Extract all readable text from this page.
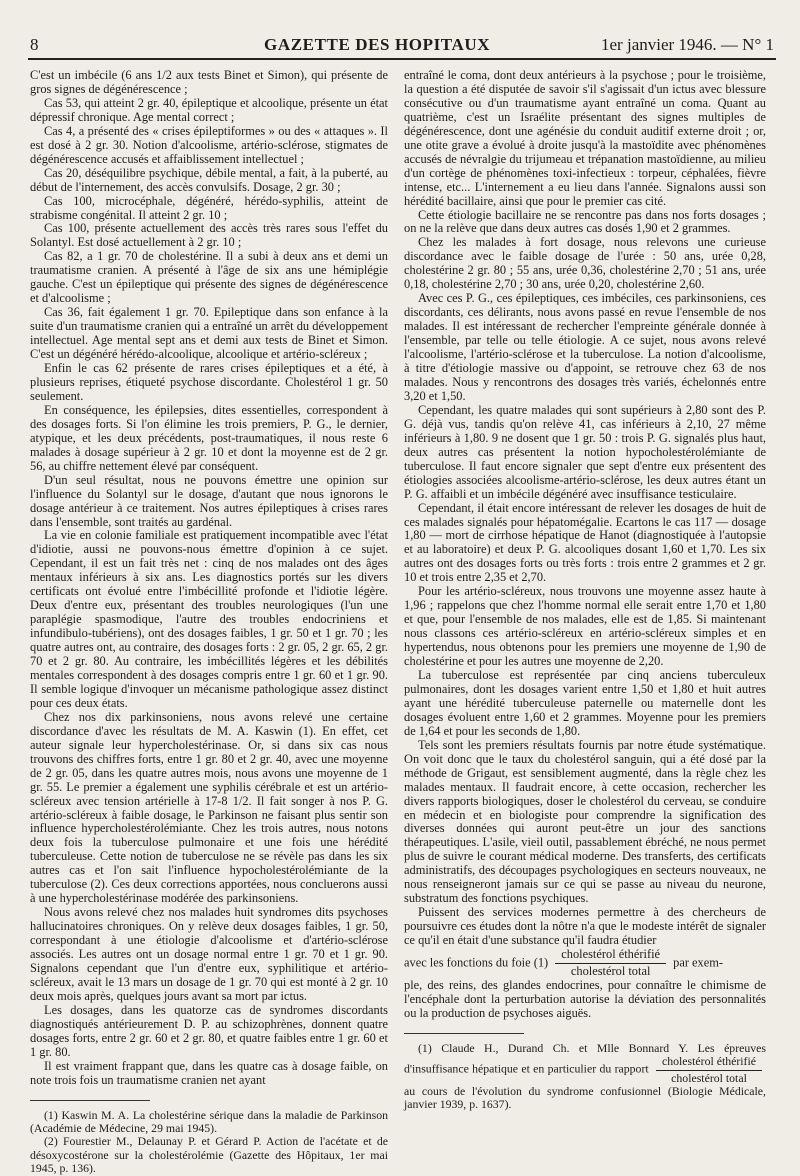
8	GAZETTE DES HOPITAUX	1er janvier 1946. — N° 1

C'est un imbécile (6 ans 1/2 aux tests Binet et Simon), qui présente de gros signes de dégénérescence ;

Cas 53, qui atteint 2 gr. 40, épileptique et alcoolique, présente un état dépressif chronique. Age mental correct ;

Cas 4, a présenté des « crises épileptiformes » ou des « attaques ». Il est dosé à 2 gr. 30. Notion d'alcoolisme, artério-sclérose, stigmates de dégénérescence accusés et affaiblissement intellectuel ;

Cas 20, déséquilibre psychique, débile mental, a fait, à la puberté, au début de l'internement, des accès convulsifs. Dosage, 2 gr. 30 ;

Cas 100, microcéphale, dégénéré, hérédo-syphilis, atteint de strabisme congénital. Il atteint 2 gr. 10 ;

Cas 100, présente actuellement des accès très rares sous l'effet du Solantyl. Est dosé actuellement à 2 gr. 10 ;

Cas 82, a 1 gr. 70 de cholestérine. Il a subi à deux ans et demi un traumatisme cranien. A présenté à l'âge de six ans une hémiplégie gauche. C'est un épileptique qui présente des signes de dégénérescence et d'alcoolisme ;

Cas 36, fait également 1 gr. 70. Epileptique dans son enfance à la suite d'un traumatisme cranien qui a entraîné un arrêt du développement intellectuel. Age mental sept ans et demi aux tests de Binet et Simon. C'est un dégénéré hérédo-alcoolique, alcoolique et artério-scléreux ;

Enfin le cas 62 présente de rares crises épileptiques et a été, à plusieurs reprises, étiqueté psychose discordante. Cholestérol 1 gr. 50 seulement.

En conséquence, les épilepsies, dites essentielles, correspondent à des dosages forts. Si l'on élimine les trois premiers, P. G., le dernier, atypique, et les deux précédents, post-traumatiques, il nous reste 6 malades à dosage supérieur à 2 gr. 10 et dont la moyenne est de 2 gr. 56, au chiffre nettement élevé par conséquent.

D'un seul résultat, nous ne pouvons émettre une opinion sur l'influence du Solantyl sur le dosage, d'autant que nous ignorons le dosage antérieur à ce traitement. Nos autres épileptiques à crises rares dans l'ensemble, sont traités au gardénal.

La vie en colonie familiale est pratiquement incompatible avec l'état d'idiotie, aussi ne pouvons-nous émettre d'opinion à ce sujet. Cependant, il est un fait très net : cinq de nos malades ont des âges mentaux inférieurs à six ans. Les diagnostics portés sur les divers certificats ont évolué entre l'imbécillité profonde et l'idiotie légère. Deux d'entre eux, présentant des troubles neurologiques (l'un une paraplégie spasmodique, l'autre des troubles endocriniens et infundibulo-tubériens), ont des dosages faibles, 1 gr. 50 et 1 gr. 70 ; les quatre autres ont, au contraire, des dosages forts : 2 gr. 05, 2 gr. 65, 2 gr. 70 et 2 gr. 80. Au contraire, les imbécillités légères et les débilités mentales correspondent à des dosages compris entre 1 gr. 60 et 1 gr. 90. Il semble logique d'invoquer un mécanisme pathologique assez distinct pour ces deux états.

Chez nos dix parkinsoniens, nous avons relevé une certaine discordance d'avec les résultats de M. A. Kaswin (1). En effet, cet auteur signale leur hypercholestérinase. Or, si dans six cas nous trouvons des chiffres forts, entre 1 gr. 80 et 2 gr. 40, avec une moyenne de 2 gr. 05, dans les quatre autres mois, nous avons une moyenne de 1 gr. 55. Le premier a également une syphilis cérébrale et est un artério-scléreux avec tension artérielle à 17-8 1/2. Il fait songer à nos P. G. artério-scléreux à faible dosage, le Parkinson ne faisant plus sentir son influence hypercholestérolémiante. Chez les trois autres, nous notons deux fois la tuberculose pulmonaire et une fois une hérédité tuberculeuse. Cette notion de tuberculose ne se révèle pas dans les six autres cas et l'on sait l'influence hypocholestérolémiante de la tuberculose (2). Ces deux corrections apportées, nous concluerons aussi à une hypercholestérinase modérée des parkinsoniens.

Nous avons relevé chez nos malades huit syndromes dits psychoses hallucinatoires chroniques. On y relève deux dosages faibles, 1 gr. 50, correspondant à une étiologie d'alcoolisme et d'artério-sclérose associés. Les autres ont un dosage normal entre 1 gr. 70 et 1 gr. 90. Signalons cependant que l'un d'entre eux, syphilitique et artério-scléreux, avait le 13 mars un dosage de 1 gr. 70 qui est monté à 2 gr. 10 deux mois après, quelques jours avant sa mort par ictus.

Les dosages, dans les quatorze cas de syndromes discordants diagnostiqués antérieurement D. P. au schizophrènes, donnent quatre dosages forts, entre 2 gr. 60 et 2 gr. 80, et quatre faibles entre 1 gr. 60 et 1 gr. 80.

Il est vraiment frappant que, dans les quatre cas à dosage faible, on note trois fois un traumatisme cranien net ayant

(1) Kaswin M. A. La cholestérine sérique dans la maladie de Parkinson (Académie de Médecine, 29 mai 1945).

(2) Fourestier M., Delaunay P. et Gérard P. Action de l'acétate et de désoxycostérone sur la cholestérolémie (Gazette des Hôpitaux, 1er mai 1945, p. 136).

entraîné le coma, dont deux antérieurs à la psychose ; pour le troisième, la question a été disputée de savoir s'il s'agissait d'un ictus avec blessure consécutive ou d'un traumatisme ayant entraîné un coma. Quant au quatrième, c'est un Israélite présentant des signes multiples de dégénérescence, dont une agénésie du conduit auditif externe droit ; or, une otite grave a évolué à droite jusqu'à la mastoïdite avec phénomènes accusés de névralgie du trijumeau et trépanation mastoïdienne, au milieu d'un cortège de phénomènes toxi-infectieux : torpeur, céphalées, fièvre intense, etc... L'internement a eu lieu dans l'année. Signalons aussi son hérédité bacillaire, ainsi que pour le premier cas cité.

Cette étiologie bacillaire ne se rencontre pas dans nos forts dosages ; on ne la relève que dans deux autres cas dosés 1,90 et 2 grammes.

Chez les malades à fort dosage, nous relevons une curieuse discordance avec le faible dosage de l'urée : 50 ans, urée 0,28, cholestérine 2 gr. 80 ; 55 ans, urée 0,36, cholestérine 2,70 ; 51 ans, urée 0,18, cholestérine 2,70 ; 30 ans, urée 0,20, cholestérine 2,60.

Avec ces P. G., ces épileptiques, ces imbéciles, ces parkinsoniens, ces discordants, ces délirants, nous avons passé en revue l'ensemble de nos malades. Il est intéressant de rechercher l'empreinte générale donnée à l'ensemble, par telle ou telle étiologie. A ce sujet, nous avons relevé l'alcoolisme, l'artério-sclérose et la tuberculose. La notion d'alcoolisme, à titre d'étiologie massive ou d'appoint, se retrouve chez 63 de nos malades. Nous y rencontrons des dosages très variés, échelonnés entre 3,20 et 1,50.

Cependant, les quatre malades qui sont supérieurs à 2,80 sont des P. G. déjà vus, tandis qu'on relève 41, cas inférieurs à 2,10, 27 même inférieurs à 1,80. 9 ne dosent que 1 gr. 50 : trois P. G. signalés plus haut, deux autres cas présentent la notion hypocholestérolémiante de tuberculose. Il faut encore signaler que sept d'entre eux présentent des étiologies associées alcoolisme-artério-sclérose, les deux autres étant un P. G. affaibli et un imbécile dégénéré avec insuffisance testiculaire.

Cependant, il était encore intéressant de relever les dosages de huit de ces malades signalés pour hépatomégalie. Ecartons le cas 117 — dosage 1,80 — mort de cirrhose hépatique de Hanot (diagnostiquée à l'autopsie et au laboratoire) et deux P. G. alcooliques dosant 1,60 et 1,70. Les six autres ont des dosages forts ou très forts : trois entre 2 grammes et 2 gr. 10 et trois entre 2,35 et 2,70.

Pour les artério-scléreux, nous trouvons une moyenne assez haute à 1,96 ; rappelons que chez l'homme normal elle serait entre 1,70 et 1,80 et que, pour l'ensemble de nos malades, elle est de 1,85. Si maintenant nous classons ces artério-scléreux en artério-scléreux simples et en hypertendus, nous obtenons pour les premiers une moyenne de 1,90 de cholestérine et pour les autres une moyenne de 2,20.

La tuberculose est représentée par cinq anciens tuberculeux pulmonaires, dont les dosages varient entre 1,50 et 1,80 et huit autres ayant une hérédité tuberculeuse paternelle ou maternelle dont les dosages évoluent entre 1,60 et 2 grammes. Moyenne pour les premiers de 1,64 et pour les seconds de 1,80.

Tels sont les premiers résultats fournis par notre étude systématique. On voit donc que le taux du cholestérol sanguin, qui a été dosé par la méthode de Grigaut, est sensiblement augmenté, dans la règle chez les malades mentaux. Il faudrait encore, à cette occasion, rechercher les divers rapports biologiques, doser le cholestérol du cerveau, se conduire en médecin et en biologiste pour comprendre la signification des diverses données qui auront peut-être un jour des sanctions thérapeutiques. L'asile, vieil outil, passablement ébréché, ne nous permet plus de suivre le courant médical moderne. Des transferts, des certificats administratifs, des découpages psychologiques en secteurs nouveaux, ne nous renseigneront jamais sur ce qui se passe au niveau du neurone, substratum des fonctions psychiques.

Puissent des services modernes permettre à des chercheurs de poursuivre ces études dont la nôtre n'a que le modeste intérêt de signaler ce qu'il en était d'une substance qu'il faudra étudier

avec les fonctions du foie $(1) \frac{\text{cholestérol éthérifié}}{\text{cholestérol total}}$ par exem-

ple, des reins, des glandes endocrines, pour connaître le chimisme de l'encéphale dont la perturbation autorise la déviation des personnalités ou la production de psychoses aiguës.

(1) Claude H., Durand Ch. et Mlle Bonnard Y. Les épreuves d'insuffisance hépatique et en particulier du rapport $\frac{\text{cholestérol éthérifié}}{\text{cholestérol total}}$
au cours de l'évolution du syndrome confusionnel (Biologie Médicale, janvier 1939, p. 1637).
